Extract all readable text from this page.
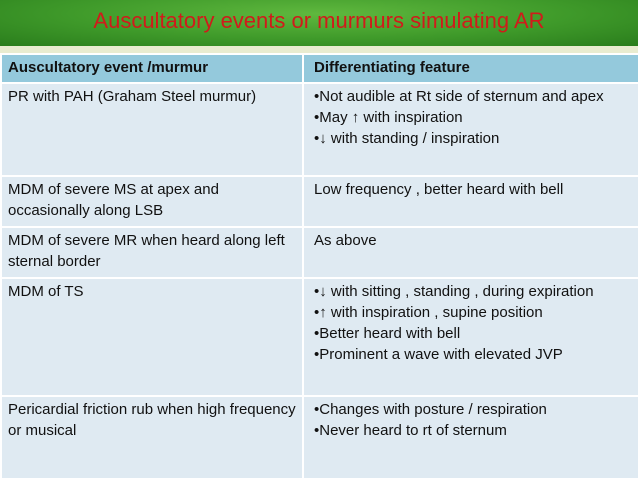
Auscultatory events or murmurs simulating AR
Auscultatory event /murmur	Differentiating feature
PR with PAH (Graham Steel murmur)	•Not audible at Rt side of sternum and apex
•May ↑ with inspiration
•↓ with standing / inspiration

MDM of severe MS at apex and occasionally along LSB	Low frequency , better heard with bell

MDM of severe MR when heard along left sternal border	As above

MDM of TS	•↓ with sitting , standing , during expiration
•↑ with inspiration , supine position
•Better heard with bell
•Prominent a wave with elevated JVP

Pericardial friction rub when high frequency or musical	•Changes with posture / respiration
•Never heard to rt of sternum
